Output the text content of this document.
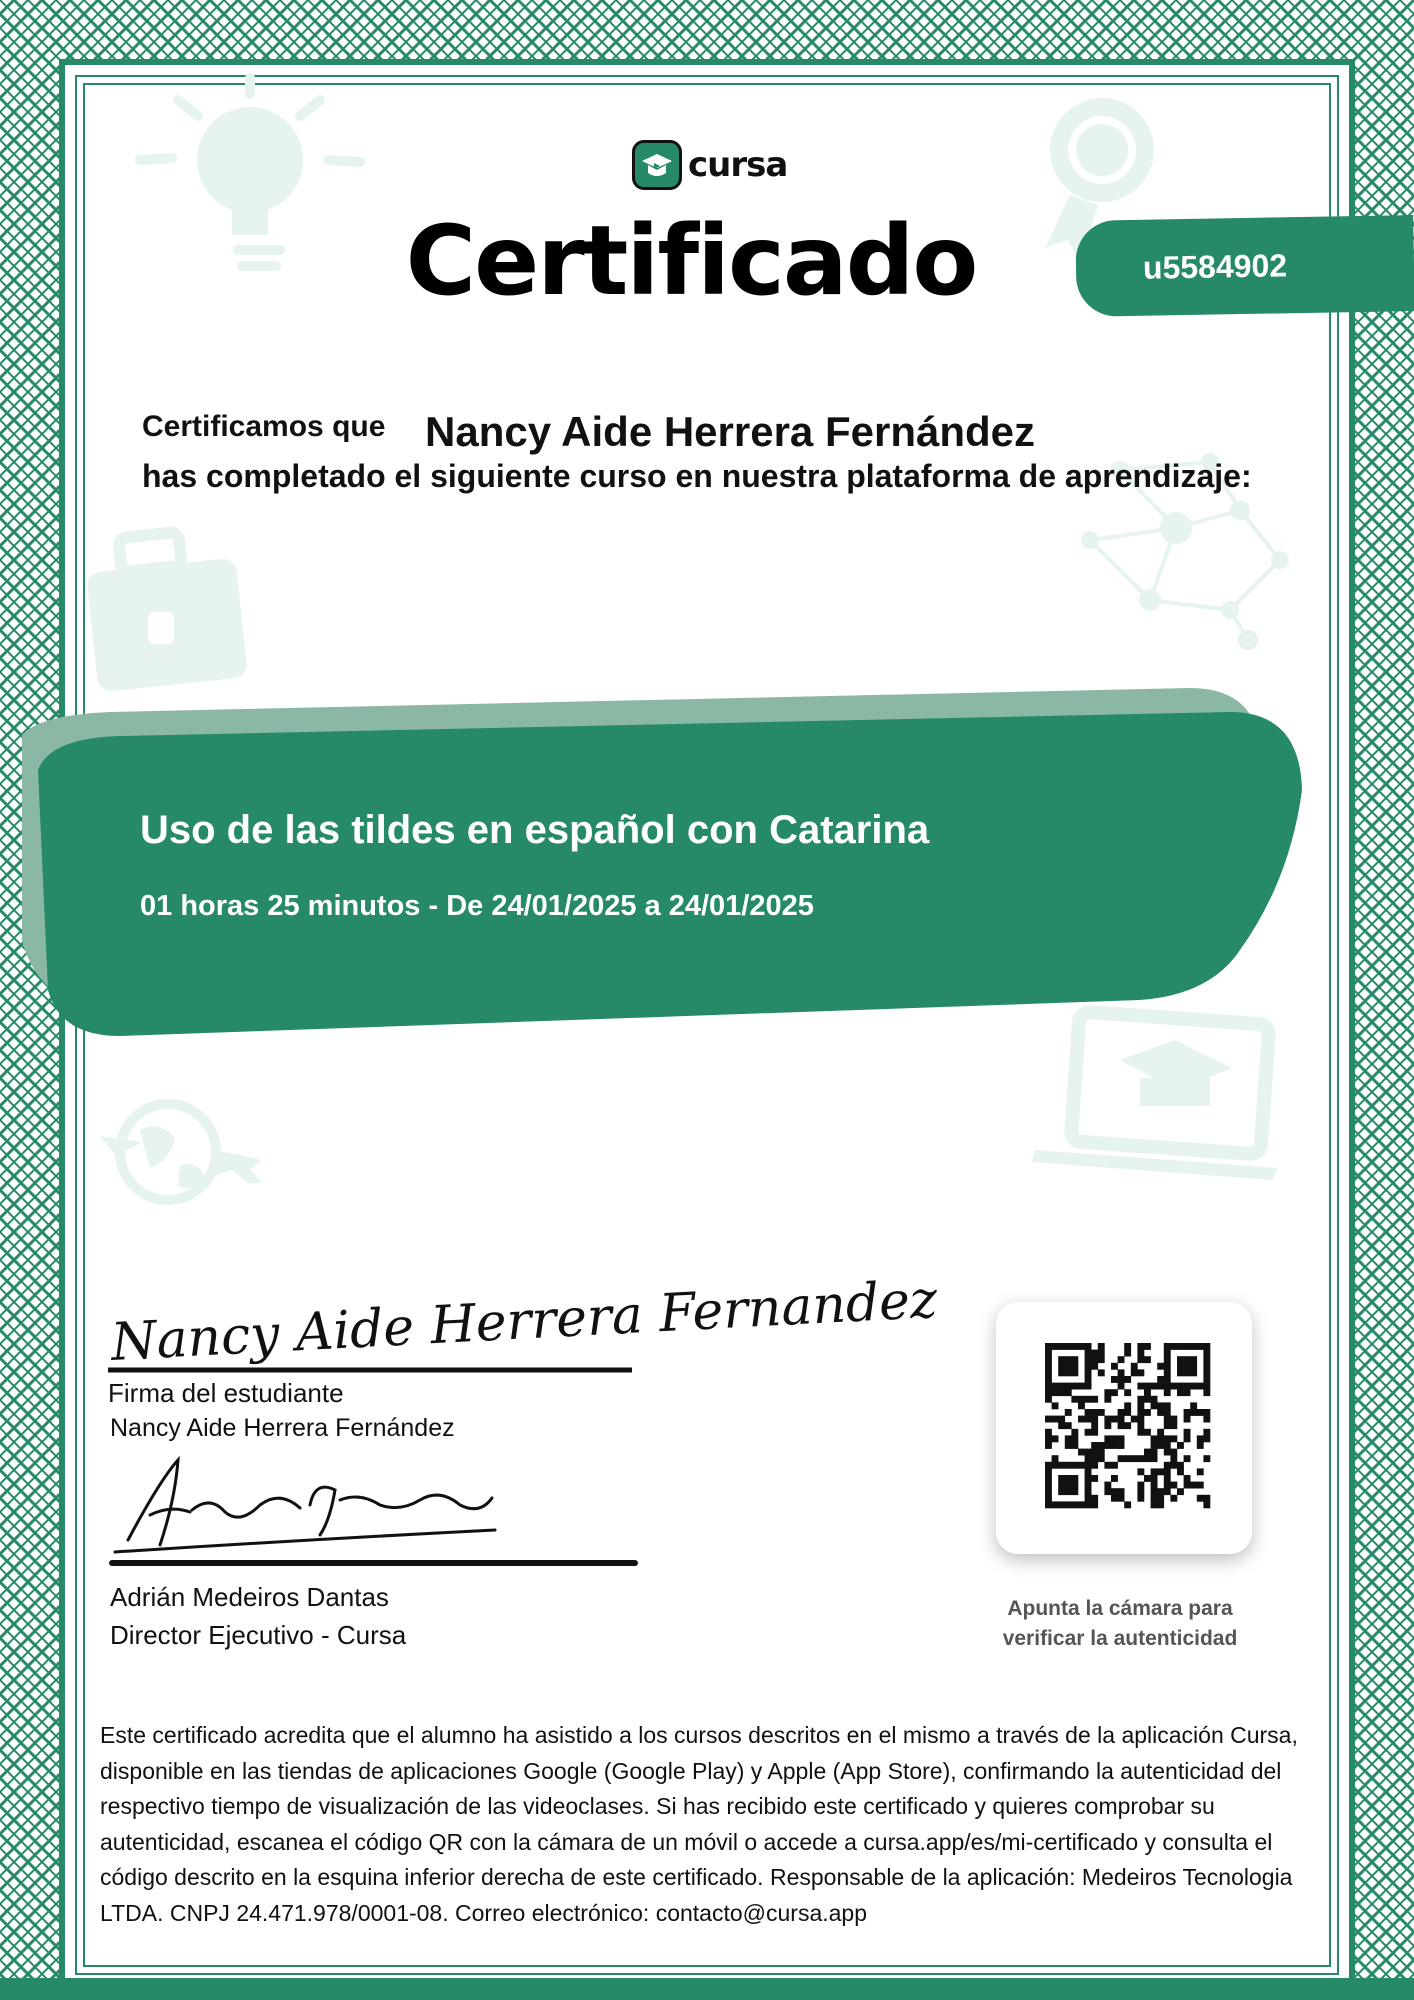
Nancy Aide Herrera Fernandez
cursa
Certificado	u5584902
Certificamos que Nancy Aide Herrera Fernández
has completado el siguiente curso en nuestra plataforma de aprendizaje:
Uso de las tildes en español con Catarina
01 horas 25 minutos - De 24/01/2025 a 24/01/2025
Firma del estudiante
Nancy Aide Herrera Fernández
Adrián Medeiros Dantas
Director Ejecutivo - Cursa
Apunta la cámara para
verificar la autenticidad
Este certificado acredita que el alumno ha asistido a los cursos descritos en el mismo a través de la aplicación Cursa, disponible en las tiendas de aplicaciones Google (Google Play) y Apple (App Store), confirmando la autenticidad del respectivo tiempo de visualización de las videoclases. Si has recibido este certificado y quieres comprobar su autenticidad, escanea el código QR con la cámara de un móvil o accede a cursa.app/es/mi-certificado y consulta el código descrito en la esquina inferior derecha de este certificado. Responsable de la aplicación: Medeiros Tecnologia LTDA. CNPJ 24.471.978/0001-08. Correo electrónico: contacto@cursa.app
